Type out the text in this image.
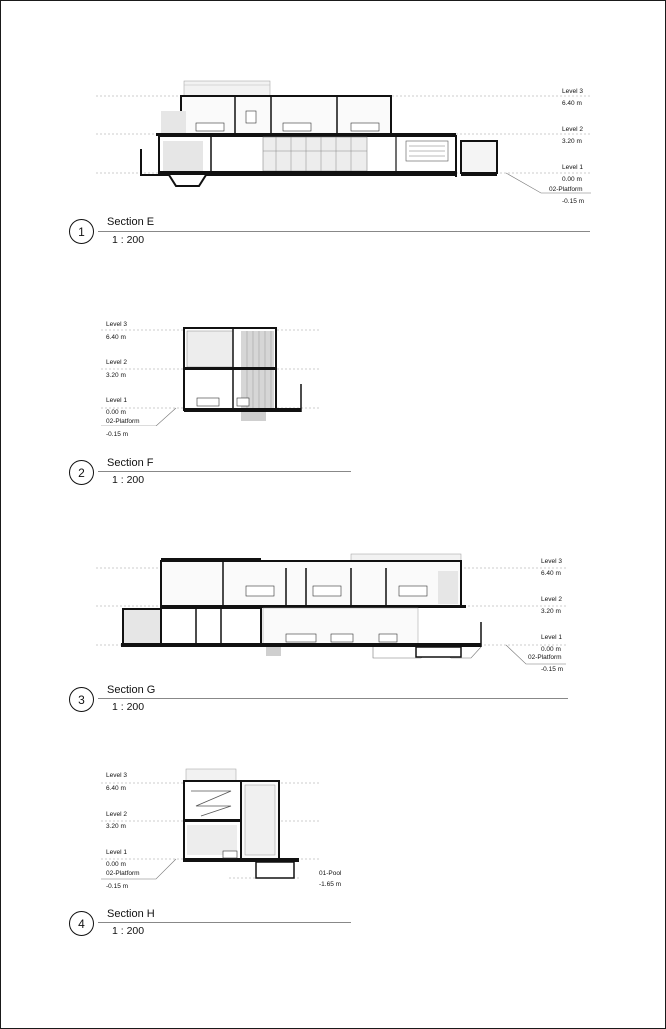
Level 3
6.40 m
Level 2
3.20 m
Level 1
0.00 m
02-Platform
-0.15 m
1
Section E
1 : 200
Level 3
6.40 m
Level 2
3.20 m
Level 1
0.00 m
02-Platform
-0.15 m
2
Section F
1 : 200
Level 3
6.40 m
Level 2
3.20 m
Level 1
0.00 m
02-Platform
-0.15 m
3
Section G
1 : 200
Level 3
6.40 m
Level 2
3.20 m
Level 1
0.00 m
02-Platform
-0.15 m
01-Pool
-1.65 m
4
Section H
1 : 200
